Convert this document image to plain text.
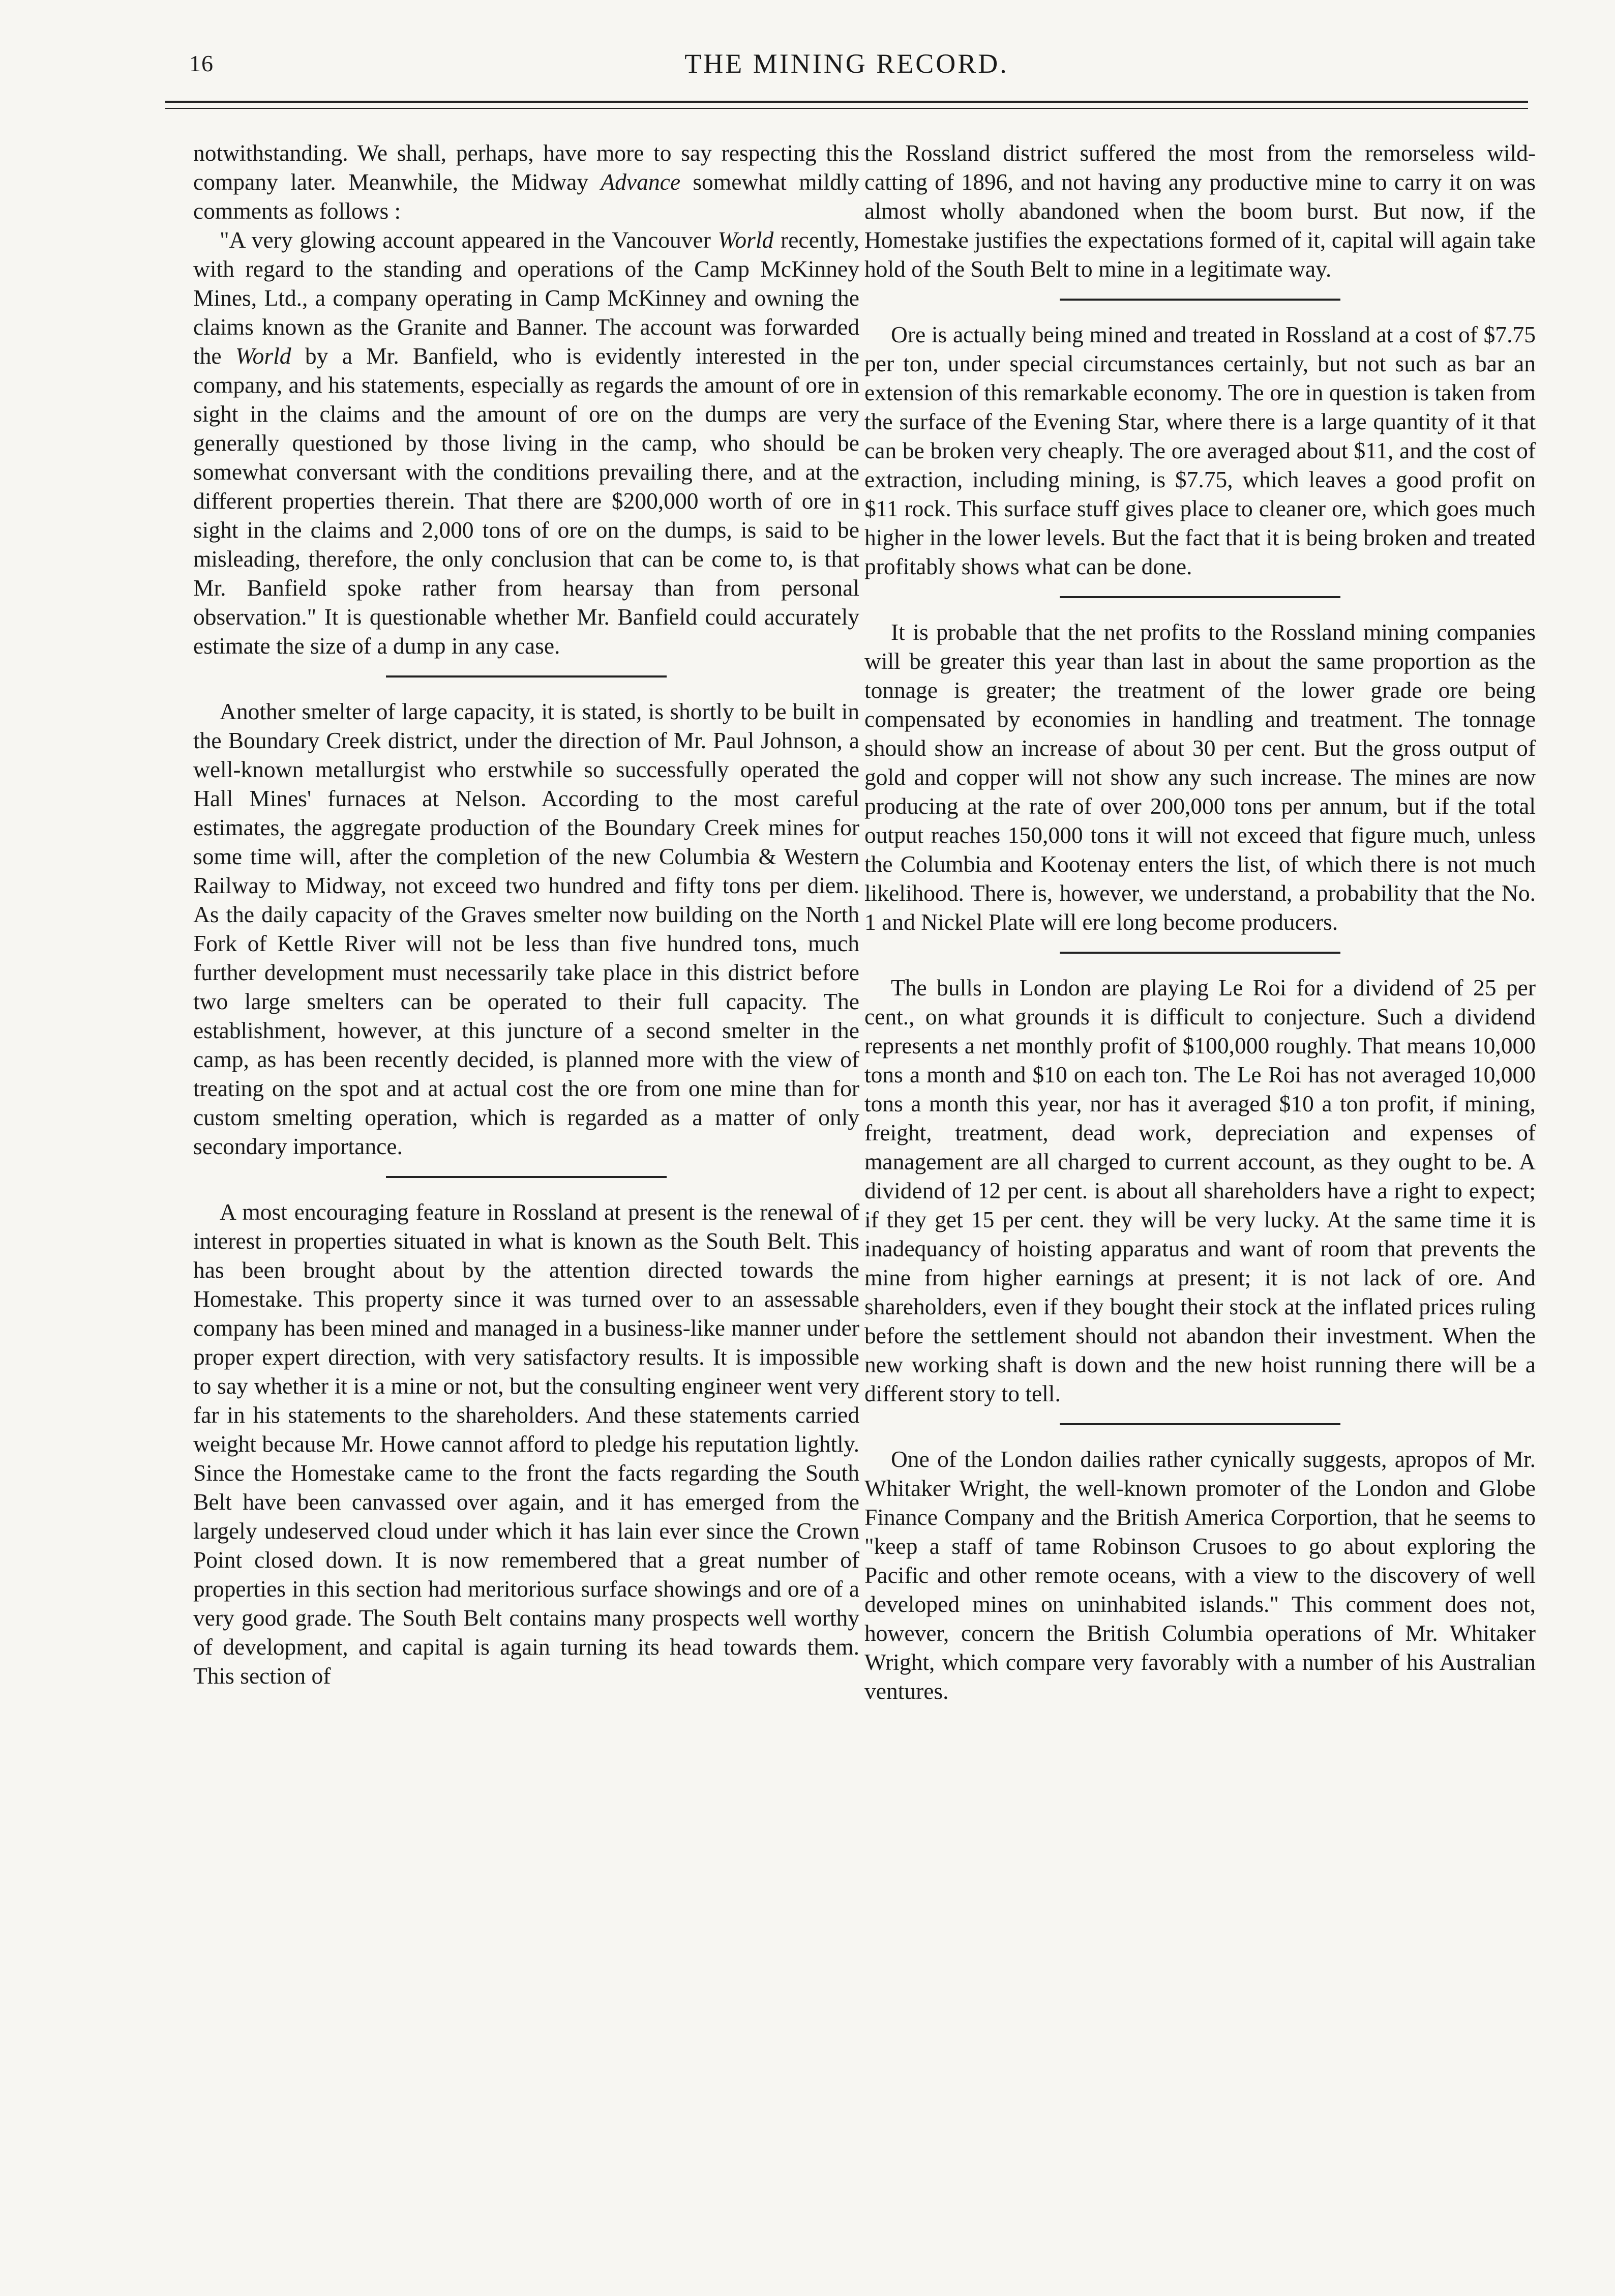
16	THE MINING RECORD.

notwithstanding. We shall, perhaps, have more to say respecting this company later. Meanwhile, the Midway Advance somewhat mildly comments as follows :

"A very glowing account appeared in the Vancouver World recently, with regard to the standing and operations of the Camp McKinney Mines, Ltd., a company operating in Camp McKinney and owning the claims known as the Granite and Banner. The account was forwarded the World by a Mr. Banfield, who is evidently interested in the company, and his statements, especially as regards the amount of ore in sight in the claims and the amount of ore on the dumps are very generally questioned by those living in the camp, who should be somewhat conversant with the conditions prevailing there, and at the different properties therein. That there are $200,000 worth of ore in sight in the claims and 2,000 tons of ore on the dumps, is said to be misleading, therefore, the only conclusion that can be come to, is that Mr. Banfield spoke rather from hearsay than from personal observation." It is questionable whether Mr. Banfield could accurately estimate the size of a dump in any case.

Another smelter of large capacity, it is stated, is shortly to be built in the Boundary Creek district, under the direction of Mr. Paul Johnson, a well-known metallurgist who erstwhile so successfully operated the Hall Mines' furnaces at Nelson. According to the most careful estimates, the aggregate production of the Boundary Creek mines for some time will, after the completion of the new Columbia & Western Railway to Midway, not exceed two hundred and fifty tons per diem. As the daily capacity of the Graves smelter now building on the North Fork of Kettle River will not be less than five hundred tons, much further development must necessarily take place in this district before two large smelters can be operated to their full capacity. The establishment, however, at this juncture of a second smelter in the camp, as has been recently decided, is planned more with the view of treating on the spot and at actual cost the ore from one mine than for custom smelting operation, which is regarded as a matter of only secondary importance.

A most encouraging feature in Rossland at present is the renewal of interest in properties situated in what is known as the South Belt. This has been brought about by the attention directed towards the Homestake. This property since it was turned over to an assessable company has been mined and managed in a business-like manner under proper expert direction, with very satisfactory results. It is impossible to say whether it is a mine or not, but the consulting engineer went very far in his statements to the shareholders. And these statements carried weight because Mr. Howe cannot afford to pledge his reputation lightly. Since the Homestake came to the front the facts regarding the South Belt have been canvassed over again, and it has emerged from the largely undeserved cloud under which it has lain ever since the Crown Point closed down. It is now remembered that a great number of properties in this section had meritorious surface showings and ore of a very good grade. The South Belt contains many prospects well worthy of development, and capital is again turning its head towards them. This section of

the Rossland district suffered the most from the remorseless wild-catting of 1896, and not having any productive mine to carry it on was almost wholly abandoned when the boom burst. But now, if the Homestake justifies the expectations formed of it, capital will again take hold of the South Belt to mine in a legitimate way.

Ore is actually being mined and treated in Rossland at a cost of $7.75 per ton, under special circumstances certainly, but not such as bar an extension of this remarkable economy. The ore in question is taken from the surface of the Evening Star, where there is a large quantity of it that can be broken very cheaply. The ore averaged about $11, and the cost of extraction, including mining, is $7.75, which leaves a good profit on $11 rock. This surface stuff gives place to cleaner ore, which goes much higher in the lower levels. But the fact that it is being broken and treated profitably shows what can be done.

It is probable that the net profits to the Rossland mining companies will be greater this year than last in about the same proportion as the tonnage is greater; the treatment of the lower grade ore being compensated by economies in handling and treatment. The tonnage should show an increase of about 30 per cent. But the gross output of gold and copper will not show any such increase. The mines are now producing at the rate of over 200,000 tons per annum, but if the total output reaches 150,000 tons it will not exceed that figure much, unless the Columbia and Kootenay enters the list, of which there is not much likelihood. There is, however, we understand, a probability that the No. 1 and Nickel Plate will ere long become producers.

The bulls in London are playing Le Roi for a dividend of 25 per cent., on what grounds it is difficult to conjecture. Such a dividend represents a net monthly profit of $100,000 roughly. That means 10,000 tons a month and $10 on each ton. The Le Roi has not averaged 10,000 tons a month this year, nor has it averaged $10 a ton profit, if mining, freight, treatment, dead work, depreciation and expenses of management are all charged to current account, as they ought to be. A dividend of 12 per cent. is about all shareholders have a right to expect; if they get 15 per cent. they will be very lucky. At the same time it is inadequancy of hoisting apparatus and want of room that prevents the mine from higher earnings at present; it is not lack of ore. And shareholders, even if they bought their stock at the inflated prices ruling before the settlement should not abandon their investment. When the new working shaft is down and the new hoist running there will be a different story to tell.

One of the London dailies rather cynically suggests, apropos of Mr. Whitaker Wright, the well-known promoter of the London and Globe Finance Company and the British America Corportion, that he seems to "keep a staff of tame Robinson Crusoes to go about exploring the Pacific and other remote oceans, with a view to the discovery of well developed mines on uninhabited islands." This comment does not, however, concern the British Columbia operations of Mr. Whitaker Wright, which compare very favorably with a number of his Australian ventures.
